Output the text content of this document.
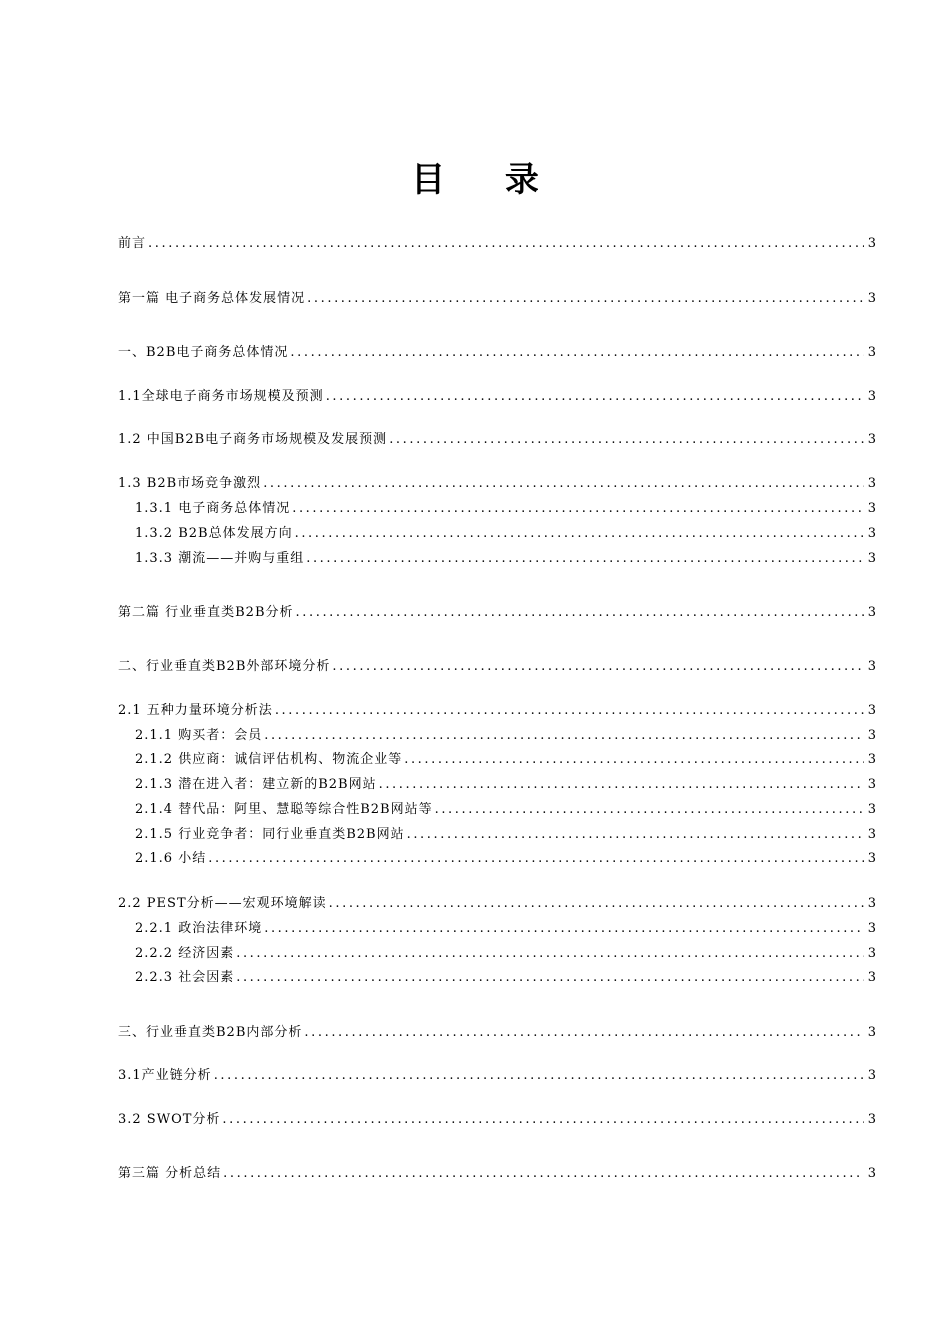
目 录
前言 .....	3
第一篇 电子商务总体发展情况 .....	3
一、B2B电子商务总体情况 .....	3
1.1全球电子商务市场规模及预测 .....	3
1.2 中国B2B电子商务市场规模及发展预测 .....	3
1.3 B2B市场竞争激烈 .....	3
1.3.1 电子商务总体情况 .....	3
1.3.2 B2B总体发展方向 .....	3
1.3.3 潮流——并购与重组 .....	3
第二篇 行业垂直类B2B分析 .....	3
二、行业垂直类B2B外部环境分析 .....	3
2.1 五种力量环境分析法 .....	3
2.1.1 购买者：会员 .....	3
2.1.2 供应商：诚信评估机构、物流企业等 .....	3
2.1.3 潜在进入者：建立新的B2B网站 .....	3
2.1.4 替代品：阿里、慧聪等综合性B2B网站等 .....	3
2.1.5 行业竞争者：同行业垂直类B2B网站 .....	3
2.1.6 小结 .....	3
2.2 PEST分析——宏观环境解读 .....	3
2.2.1 政治法律环境 .....	3
2.2.2 经济因素 .....	3
2.2.3 社会因素 .....	3
三、行业垂直类B2B内部分析 .....	3
3.1产业链分析 .....	3
3.2 SWOT分析 .....	3
第三篇 分析总结 .....	3
